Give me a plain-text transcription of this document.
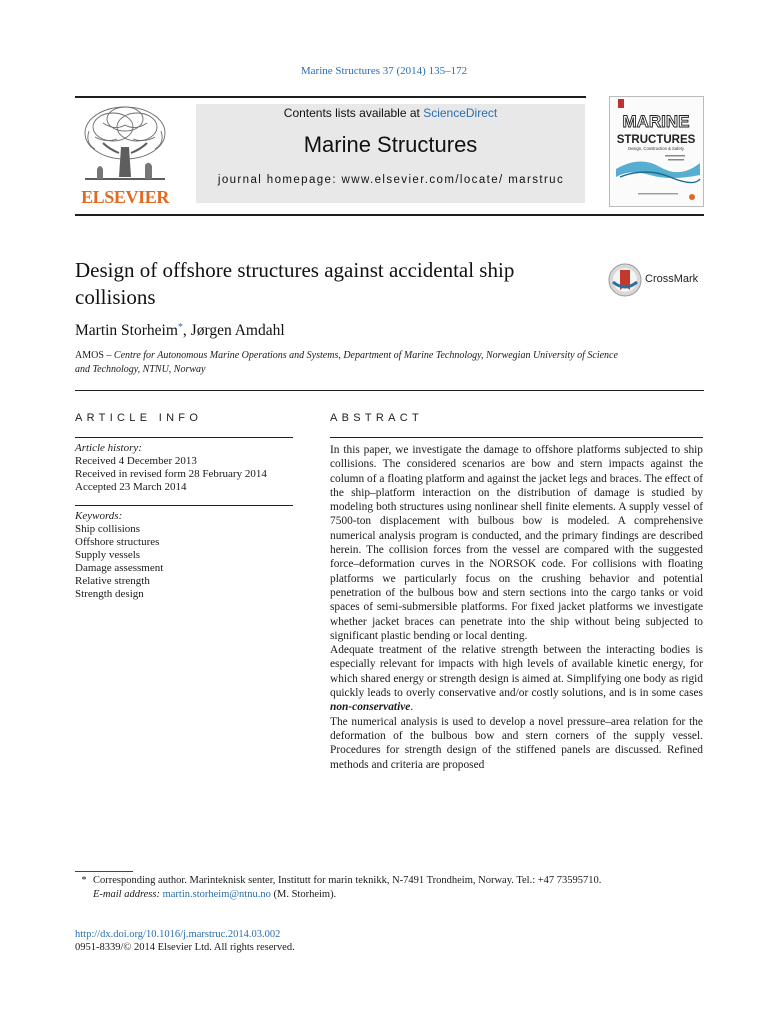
Marine Structures 37 (2014) 135–172
ELSEVIER
Contents lists available at ScienceDirect
Marine Structures
journal homepage: www.elsevier.com/locate/ marstruc
MARINE
STRUCTURES
Design, Construction & Safety
Design of offshore structures against accidental ship collisions
CrossMark
Martin Storheim*, Jørgen Amdahl
AMOS – Centre for Autonomous Marine Operations and Systems, Department of Marine Technology, Norwegian University of Science and Technology, NTNU, Norway
ARTICLE INFO	ABSTRACT
Article history:
Received 4 December 2013
Received in revised form 28 February 2014
Accepted 23 March 2014
Keywords:
Ship collisions
Offshore structures
Supply vessels
Damage assessment
Relative strength
Strength design

In this paper, we investigate the damage to offshore platforms subjected to ship collisions. The considered scenarios are bow and stern impacts against the column of a floating platform and against the jacket legs and braces. The effect of the ship–platform interaction on the distribution of damage is studied by modeling both structures using nonlinear shell finite elements. A supply vessel of 7500-ton displacement with bulbous bow is modeled. A comprehensive numerical analysis program is conducted, and the primary findings are described herein. The collision forces from the vessel are compared with the suggested force–deformation curves in the NORSOK code. For collisions with floating platforms we particularly focus on the crushing behavior and potential penetration of the bulbous bow and stern sections into the cargo tanks or void spaces of semi-submersible platforms. For fixed jacket platforms we investigate whether jacket braces can penetrate into the ship without being subjected to significant plastic bending or local denting.

Adequate treatment of the relative strength between the interacting bodies is especially relevant for impacts with high levels of available kinetic energy, for which shared energy or strength design is aimed at. Simplifying one body as rigid quickly leads to overly conservative and/or costly solutions, and is in some cases non-conservative.

The numerical analysis is used to develop a novel pressure–area relation for the deformation of the bulbous bow and stern corners of the supply vessel. Procedures for strength design of the stiffened panels are discussed. Refined methods and criteria are proposed

* Corresponding author. Marinteknisk senter, Institutt for marin teknikk, N-7491 Trondheim, Norway. Tel.: +47 73595710.
E-mail address: martin.storheim@ntnu.no (M. Storheim).
http://dx.doi.org/10.1016/j.marstruc.2014.03.002
0951-8339/© 2014 Elsevier Ltd. All rights reserved.
